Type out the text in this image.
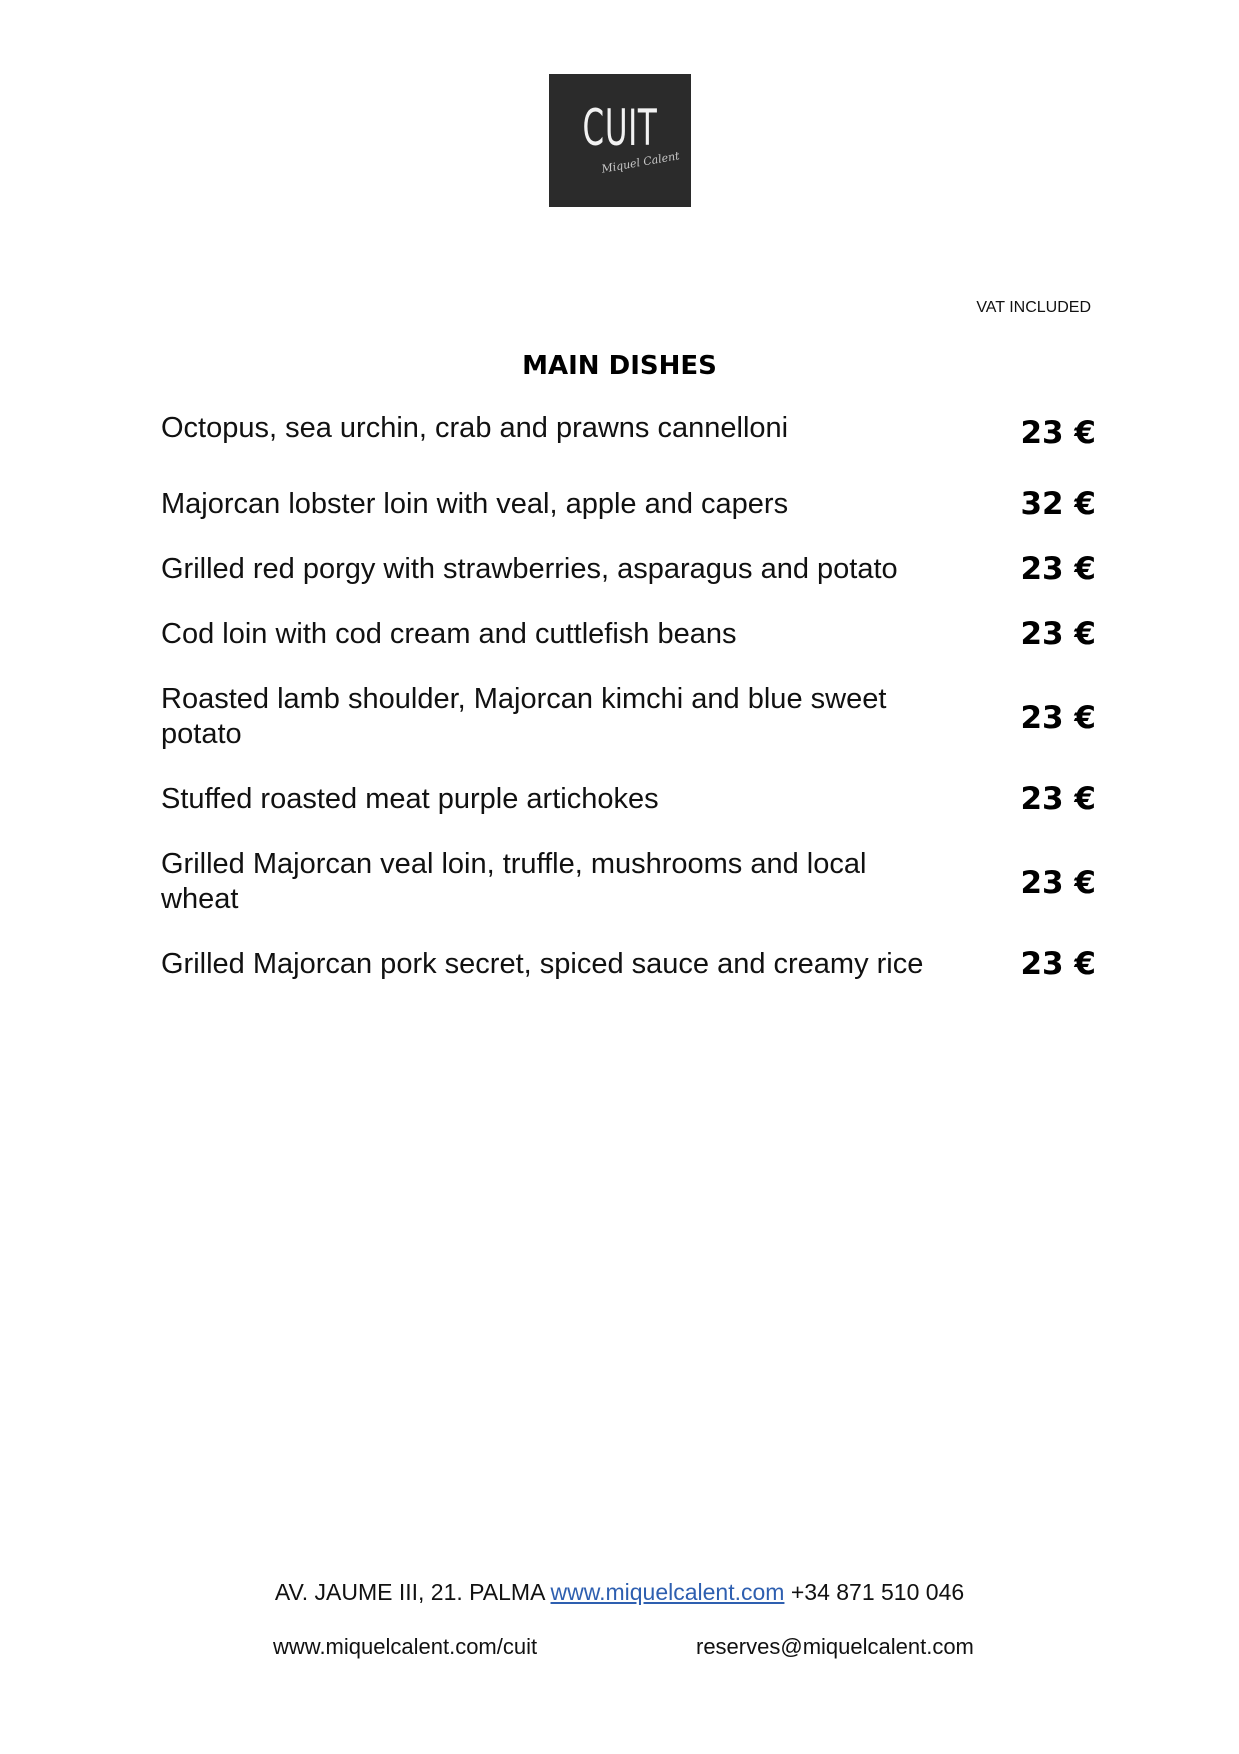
CUIT
Miquel Calent
VAT INCLUDED
MAIN DISHES
Octopus, sea urchin, crab and prawns cannelloni	23 €
Majorcan lobster loin with veal, apple and capers	32 €
Grilled red porgy with strawberries, asparagus and potato	23 €
Cod loin with cod cream and cuttlefish beans	23 €
Roasted lamb shoulder, Majorcan kimchi and blue sweet potato	23 €
Stuffed roasted meat purple artichokes	23 €
Grilled Majorcan veal loin, truffle, mushrooms and local wheat	23 €
Grilled Majorcan pork secret, spiced sauce and creamy rice	23 €
AV. JAUME III, 21. PALMA www.miquelcalent.com +34 871 510 046
www.miquelcalent.com/cuit	reserves@miquelcalent.com
